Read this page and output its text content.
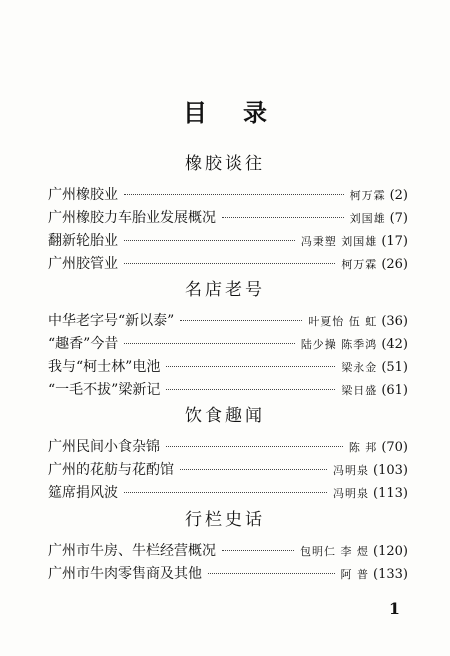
目录
橡胶谈往
广州橡胶业	柯万霖 (2)
广州橡胶力车胎业发展概况	刘国雄 (7)
翻新轮胎业	冯秉塑 刘国雄 (17)
广州胶管业	柯万霖 (26)
名店老号
中华老字号“新以泰”	叶夏怡 伍 虹 (36)
“趣香”今昔	陆少操 陈季鸿 (42)
我与“柯士林”电池	梁永金 (51)
“一毛不拔”梁新记	梁日盛 (61)
饮食趣闻
广州民间小食杂锦	陈 邦 (70)
广州的花舫与花酌馆	冯明泉 (103)
筵席捐风波	冯明泉 (113)
行栏史话
广州市牛房、牛栏经营概况	包明仁 李 煜 (120)
广州市牛肉零售商及其他	阿 普 (133)
1
